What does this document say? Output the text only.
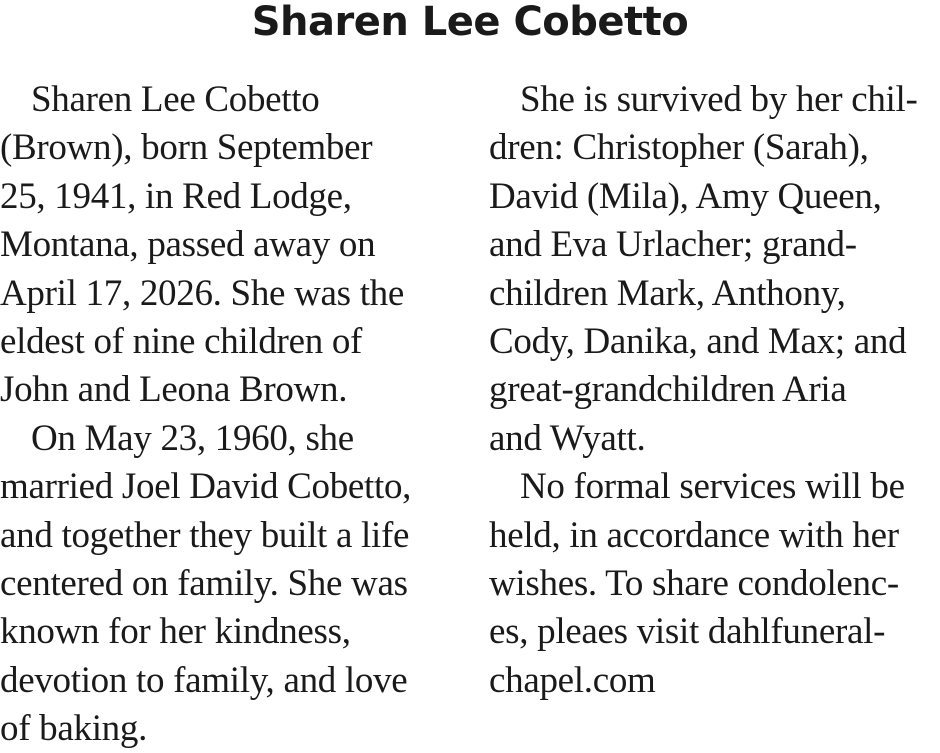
Sharen Lee Cobetto
Sharen Lee Cobetto
(Brown), born September
25, 1941, in Red Lodge,
Montana, passed away on
April 17, 2026. She was the
eldest of nine children of
John and Leona Brown.
On May 23, 1960, she
married Joel David Cobetto,
and together they built a life
centered on family. She was
known for her kindness,
devotion to family, and love
of baking.
She is survived by her chil-
dren: Christopher (Sarah),
David (Mila), Amy Queen,
and Eva Urlacher; grand-
children Mark, Anthony,
Cody, Danika, and Max; and
great-grandchildren Aria
and Wyatt.
No formal services will be
held, in accordance with her
wishes. To share condolenc-
es, pleaes visit dahlfuneral-
chapel.com
